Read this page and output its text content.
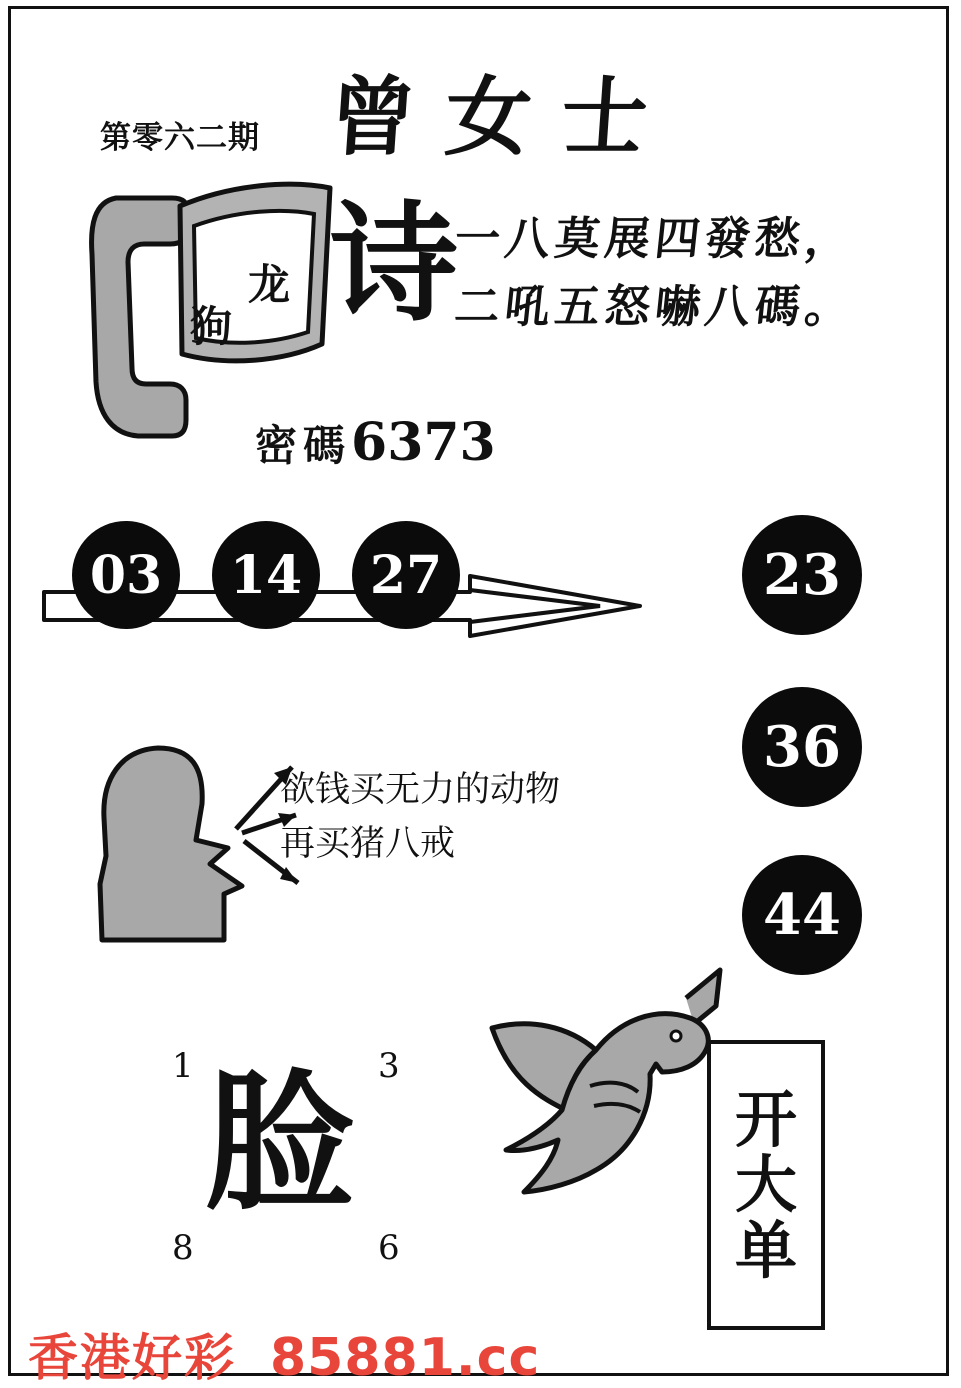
第零六二期 曾女士
龙
狗 诗
一八莫展四發愁，
二吼五怒嚇八碼。
密碼6373
03	14	27	23
36
44
欲钱买无力的动物
再买猪八戒
1	3
8	6
脸	开
大
单
香港好彩 85881.cc
